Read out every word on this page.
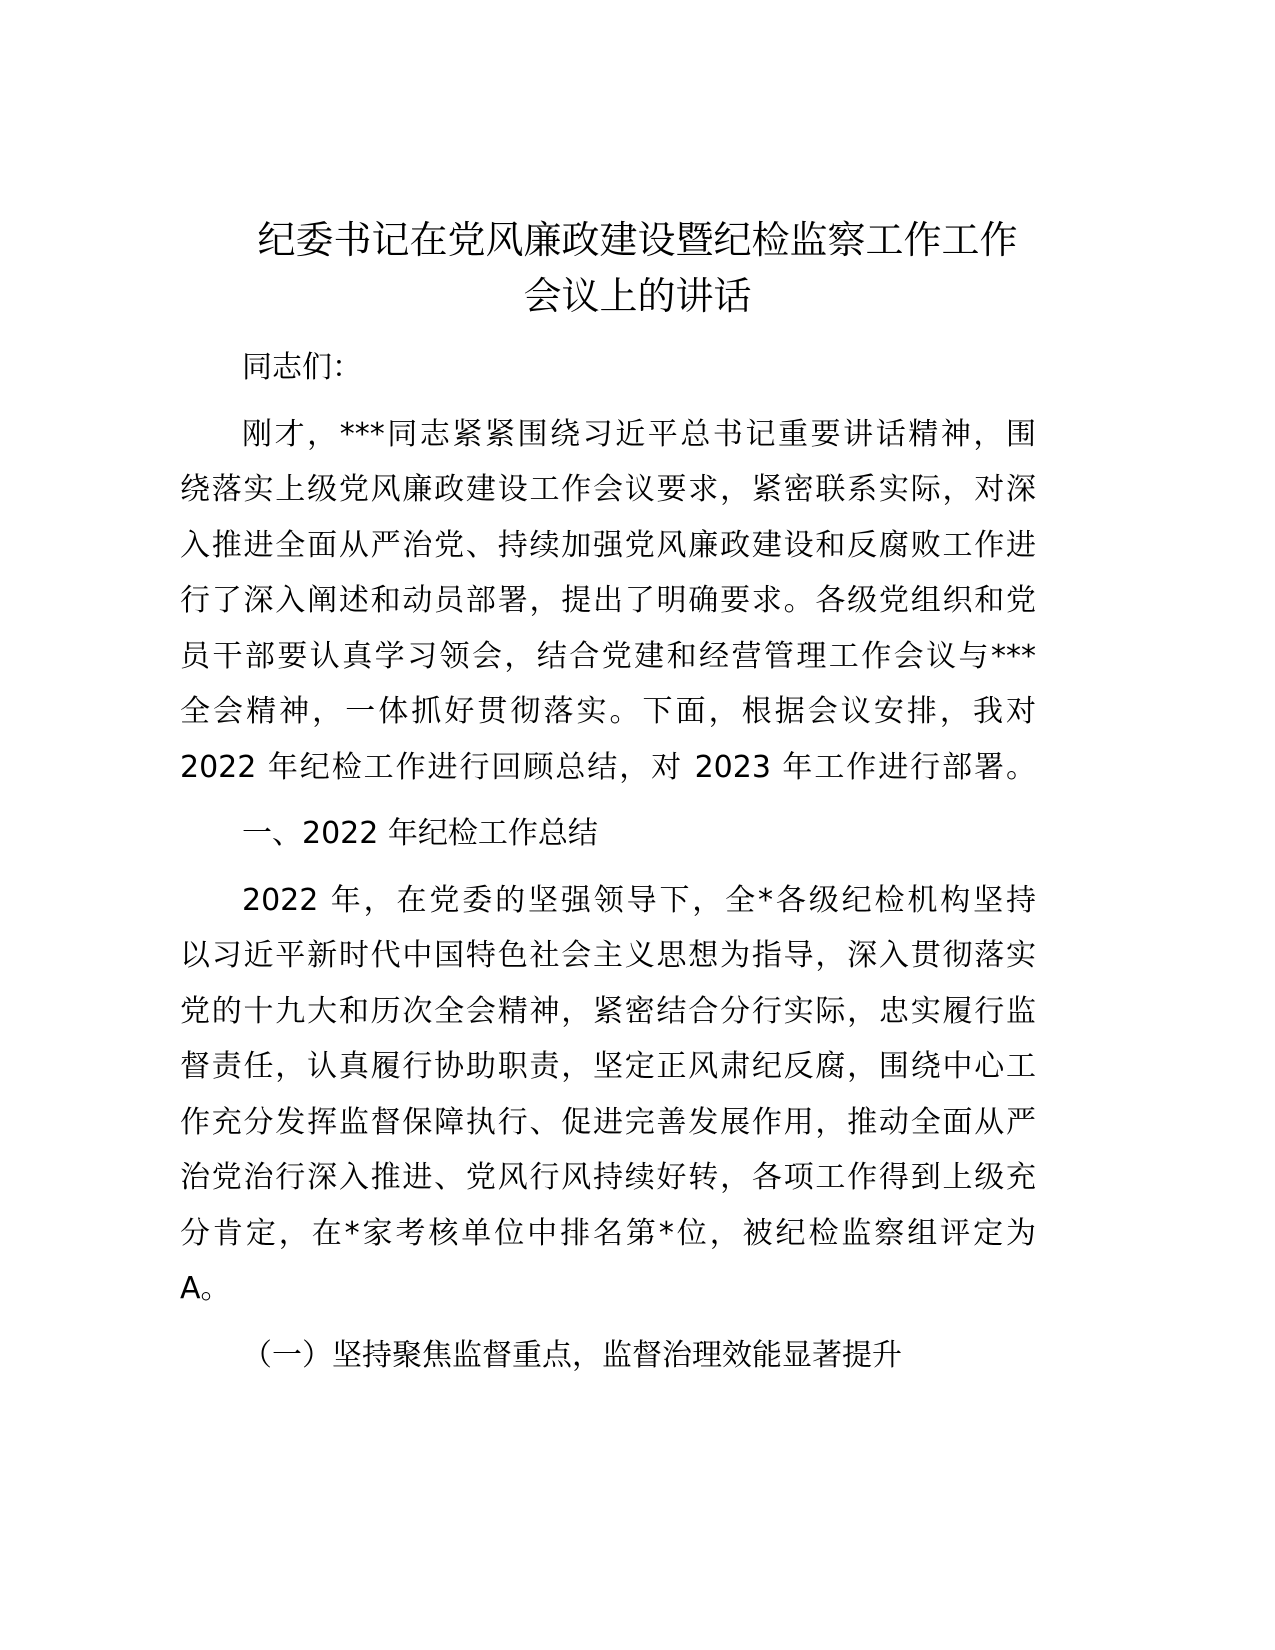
纪委书记在党风廉政建设暨纪检监察工作工作
会议上的讲话
同志们：
刚才，***同志紧紧围绕习近平总书记重要讲话精神，围
绕落实上级党风廉政建设工作会议要求，紧密联系实际，对深
入推进全面从严治党、持续加强党风廉政建设和反腐败工作进
行了深入阐述和动员部署，提出了明确要求。各级党组织和党
员干部要认真学习领会，结合党建和经营管理工作会议与***
全会精神，一体抓好贯彻落实。下面，根据会议安排，我对
2022 年纪检工作进行回顾总结，对 2023 年工作进行部署。
一、2022 年纪检工作总结
2022 年，在党委的坚强领导下，全*各级纪检机构坚持
以习近平新时代中国特色社会主义思想为指导，深入贯彻落实
党的十九大和历次全会精神，紧密结合分行实际，忠实履行监
督责任，认真履行协助职责，坚定正风肃纪反腐，围绕中心工
作充分发挥监督保障执行、促进完善发展作用，推动全面从严
治党治行深入推进、党风行风持续好转，各项工作得到上级充
分肯定，在*家考核单位中排名第*位，被纪检监察组评定为
A。
（一）坚持聚焦监督重点，监督治理效能显著提升
